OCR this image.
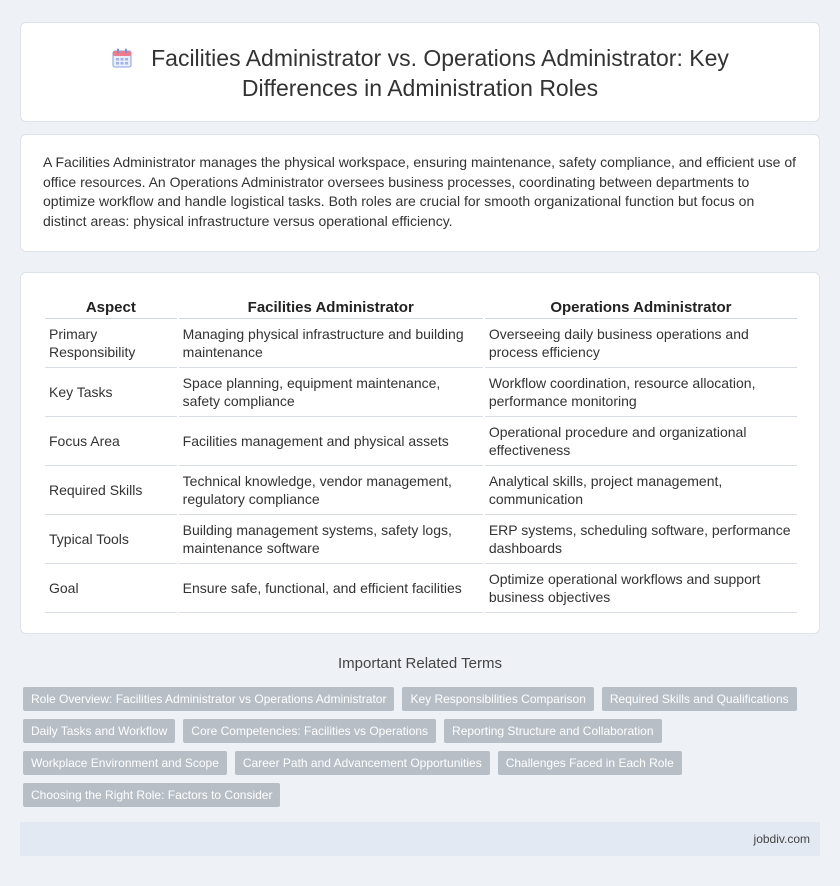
Facilities Administrator vs. Operations Administrator: Key
Differences in Administration Roles

A Facilities Administrator manages the physical workspace, ensuring maintenance, safety compliance, and efficient use of office resources. An Operations Administrator oversees business processes, coordinating between departments to optimize workflow and handle logistical tasks. Both roles are crucial for smooth organizational function but focus on distinct areas: physical infrastructure versus operational efficiency.

Aspect	Facilities Administrator	Operations Administrator
Primary Responsibility	Managing physical infrastructure and building maintenance	Overseeing daily business operations and process efficiency
Key Tasks	Space planning, equipment maintenance, safety compliance	Workflow coordination, resource allocation, performance monitoring
Focus Area	Facilities management and physical assets	Operational procedure and organizational effectiveness
Required Skills	Technical knowledge, vendor management, regulatory compliance	Analytical skills, project management, communication
Typical Tools	Building management systems, safety logs, maintenance software	ERP systems, scheduling software, performance dashboards
Goal	Ensure safe, functional, and efficient facilities	Optimize operational workflows and support business objectives
Important Related Terms
Role Overview: Facilities Administrator vs Operations Administrator	Key Responsibilities Comparison	Required Skills and Qualifications
Daily Tasks and Workflow	Core Competencies: Facilities vs Operations	Reporting Structure and Collaboration
Workplace Environment and Scope	Career Path and Advancement Opportunities	Challenges Faced in Each Role
Choosing the Right Role: Factors to Consider
jobdiv.com
